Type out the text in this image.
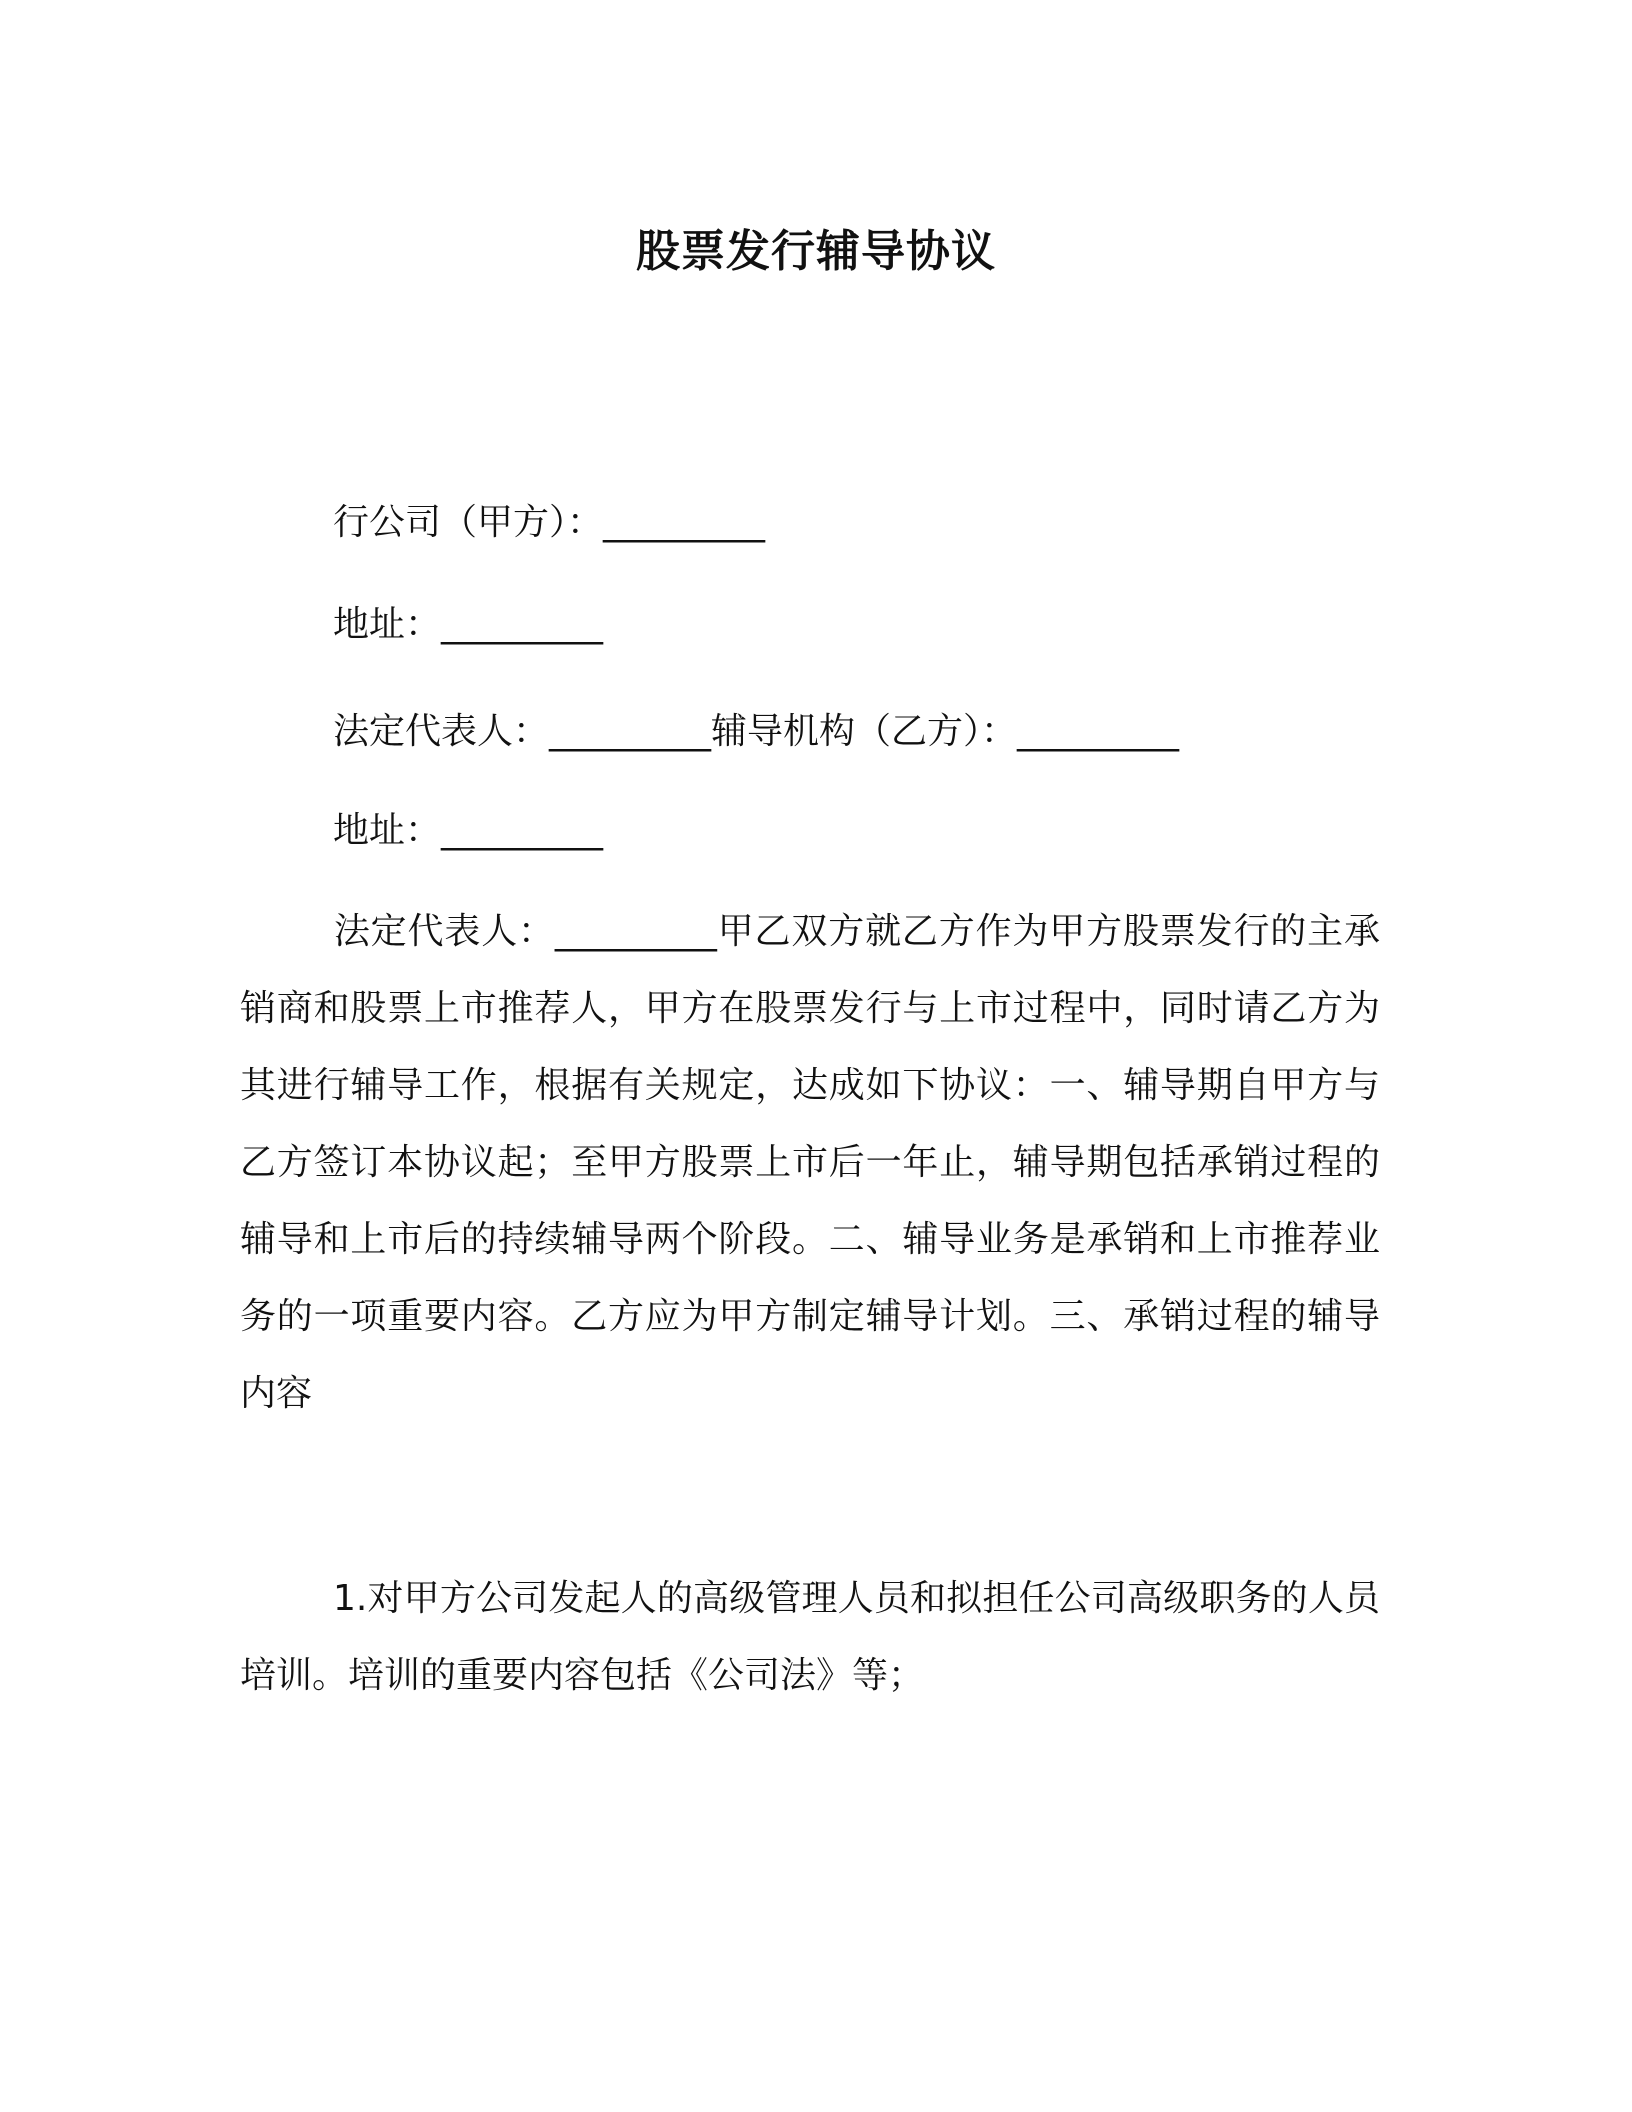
股票发行辅导协议
行公司（甲方）：_________
地址：_________
法定代表人：_________辅导机构（乙方）：_________
地址：_________

法定代表人：_________甲乙双方就乙方作为甲方股票发行的主承销商和股票上市推荐人，甲方在股票发行与上市过程中，同时请乙方为其进行辅导工作，根据有关规定，达成如下协议：一、辅导期自甲方与乙方签订本协议起；至甲方股票上市后一年止，辅导期包括承销过程的辅导和上市后的持续辅导两个阶段。二、辅导业务是承销和上市推荐业务的一项重要内容。乙方应为甲方制定辅导计划。三、承销过程的辅导内容

1.对甲方公司发起人的高级管理人员和拟担任公司高级职务的人员培训。培训的重要内容包括《公司法》等；
